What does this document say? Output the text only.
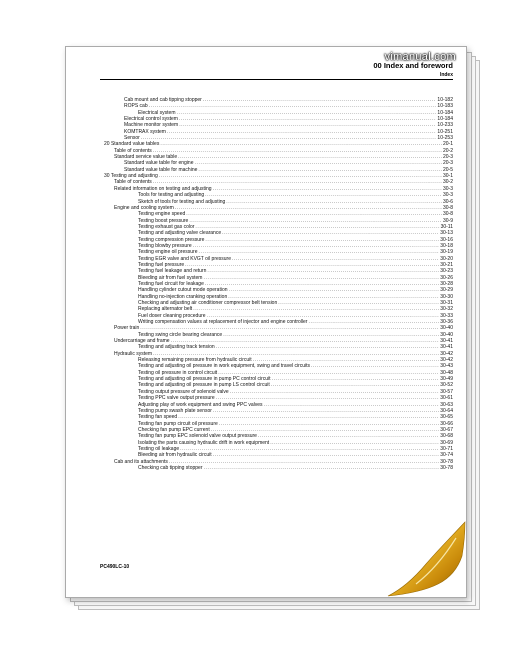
vimanual.com
00 Index and foreword
Index
Cab mount and cab tipping stopper .....	10-182
ROPS cab .....	10-183
Electrical system .....	10-184
Electrical control system .....	10-184
Machine monitor system .....	10-233
KOMTRAX system .....	10-251
Sensor .....	10-253
20 Standard value tables .....	20-1
Table of contents .....	20-2
Standard service value table .....	20-3
Standard value table for engine .....	20-3
Standard value table for machine .....	20-5
30 Testing and adjusting .....	30-1
Table of contents .....	30-2
Related information on testing and adjusting .....	30-3
Tools for testing and adjusting .....	30-3
Sketch of tools for testing and adjusting .....	30-6
Engine and cooling system .....	30-8
Testing engine speed .....	30-8
Testing boost pressure .....	30-9
Testing exhaust gas color .....	30-11
Testing and adjusting valve clearance .....	30-13
Testing compression pressure .....	30-16
Testing blowby pressure .....	30-18
Testing engine oil pressure .....	30-19
Testing EGR valve and KVGT oil pressure .....	30-20
Testing fuel pressure .....	30-21
Testing fuel leakage and return .....	30-23
Bleeding air from fuel system .....	30-26
Testing fuel circuit for leakage .....	30-28
Handling cylinder cutout mode operation .....	30-29
Handling no-injection cranking operation .....	30-30
Checking and adjusting air conditioner compressor belt tension .....	30-31
Replacing alternator belt .....	30-32
Fuel doser cleaning procedure .....	30-33
Writing compensation values at replacement of injector and engine controller .....	30-36
Power train .....	30-40
Testing swing circle bearing clearance .....	30-40
Undercarriage and frame .....	30-41
Testing and adjusting track tension .....	30-41
Hydraulic system .....	30-42
Releasing remaining pressure from hydraulic circuit .....	30-42
Testing and adjusting oil pressure in work equipment, swing and travel circuits .....	30-43
Testing oil pressure in control circuit .....	30-48
Testing and adjusting oil pressure in pump PC control circuit .....	30-49
Testing and adjusting oil pressure in pump LS control circuit .....	30-52
Testing output pressure of solenoid valve .....	30-57
Testing PPC valve output pressure .....	30-61
Adjusting play of work equipment and swing PPC valves .....	30-63
Testing pump swash plate sensor .....	30-64
Testing fan speed .....	30-65
Testing fan pump circuit oil pressure .....	30-66
Checking fan pump EPC current .....	30-67
Testing fan pump EPC solenoid valve output pressure .....	30-68
Isolating the parts causing hydraulic drift in work equipment .....	30-69
Testing oil leakage .....	30-71
Bleeding air from hydraulic circuit .....	30-74
Cab and its attachments .....	30-78
Checking cab tipping stopper .....	30-78
PC490LC-10
